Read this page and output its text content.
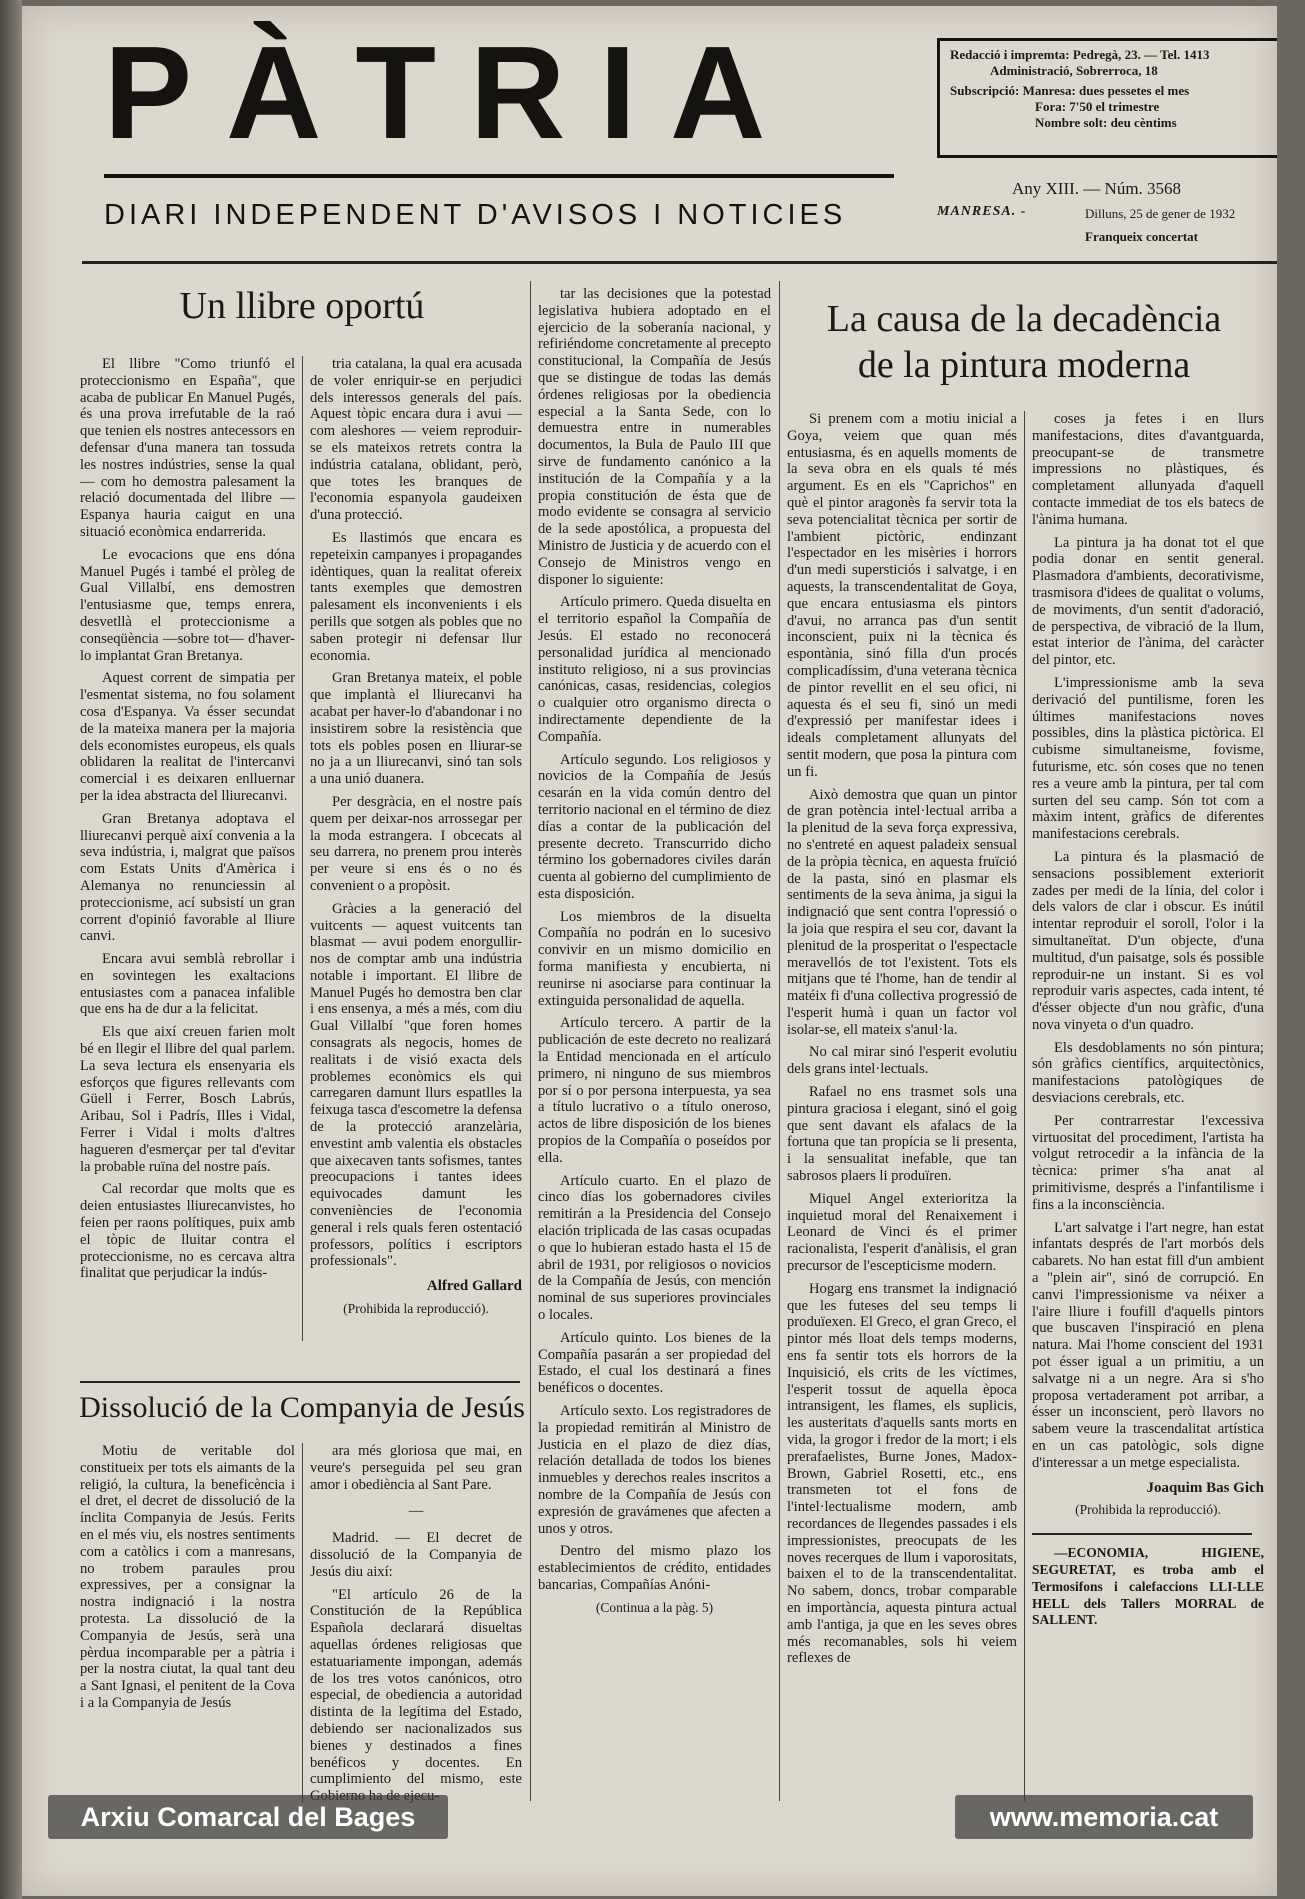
PÀTRIA
DIARI INDEPENDENT D'AVISOS I NOTICIES
Redacció i impremta: Pedregà, 23. — Tel. 1413
Administració, Sobrerroca, 18
Subscripció: Manresa: dues pessetes el mes
Fora: 7'50 el trimestre
Nombre solt: deu cèntims
Any XIII. — Núm. 3568
MANRESA. -	Dilluns, 25 de gener de 1932
Franqueix concertat
Un llibre oportú

El llibre "Como triunfó el proteccionismo en España", que acaba de publicar En Manuel Pugés, és una prova irrefutable de la raó que tenien els nostres antecessors en defensar d'una manera tan tossuda les nostres indústries, sense la qual — com ho demostra palesament la relació documentada del llibre — Espanya hauria caigut en una situació econòmica endarrerida.

Le evocacions que ens dóna Manuel Pugés i també el pròleg de Gual Villalbí, ens demostren l'entusiasme que, temps enrera, desvetllà el proteccionisme a conseqüència —sobre tot— d'haver-lo implantat Gran Bretanya.

Aquest corrent de simpatia per l'esmentat sistema, no fou solament cosa d'Espanya. Va ésser secundat de la mateixa manera per la majoria dels economistes europeus, els quals oblidaren la realitat de l'intercanvi comercial i es deixaren enlluernar per la idea abstracta del lliurecanvi.

Gran Bretanya adoptava el lliurecanvi perquè així convenia a la seva indústria, i, malgrat que països com Estats Units d'Amèrica i Alemanya no renunciessin al proteccionisme, ací subsistí un gran corrent d'opinió favorable al lliure canvi.

Encara avui semblà rebrollar i en sovintegen les exaltacions entusiastes com a panacea infalible que ens ha de dur a la felicitat.

Els que així creuen farien molt bé en llegir el llibre del qual parlem. La seva lectura els ensenyaria els esforços que figures rellevants com Güell i Ferrer, Bosch Labrús, Aribau, Sol i Padrís, Illes i Vidal, Ferrer i Vidal i molts d'altres hagueren d'esmerçar per tal d'evitar la probable ruïna del nostre país.

Cal recordar que molts que es deien entusiastes lliurecanvistes, ho feien per raons polítiques, puix amb el tòpic de lluitar contra el proteccionisme, no es cercava altra finalitat que perjudicar la indús-

tria catalana, la qual era acusada de voler enriquir-se en perjudici dels interessos generals del país. Aquest tòpic encara dura i avui — com aleshores — veiem reproduir-se els mateixos retrets contra la indústria catalana, oblidant, però, que totes les branques de l'economia espanyola gaudeixen d'una protecció.

Es llastimós que encara es repeteixin campanyes i propagandes idèntiques, quan la realitat ofereix tants exemples que demostren palesament els inconvenients i els perills que sotgen als pobles que no saben protegir ni defensar llur economia.

Gran Bretanya mateix, el poble que implantà el lliurecanvi ha acabat per haver-lo d'abandonar i no insistirem sobre la resistència que tots els pobles posen en lliurar-se no ja a un lliurecanvi, sinó tan sols a una unió duanera.

Per desgràcia, en el nostre país quem per deixar-nos arrossegar per la moda estrangera. I obcecats al seu darrera, no prenem prou interès per veure si ens és o no és convenient o a propòsit.

Gràcies a la generació del vuitcents — aquest vuitcents tan blasmat — avui podem enorgullir-nos de comptar amb una indústria notable i important. El llibre de Manuel Pugés ho demostra ben clar i ens ensenya, a més a més, com diu Gual Villalbí "que foren homes consagrats als negocis, homes de realitats i de visió exacta dels problemes econòmics els qui carregaren damunt llurs espatlles la feixuga tasca d'escometre la defensa de la protecció aranzelària, envestint amb valentia els obstacles que aixecaven tants sofismes, tantes preocupacions i tantes idees equivocades damunt les conveniències de l'economia general i rels quals feren ostentació professors, polítics i escriptors professionals".

Alfred Gallard
(Prohibida la reproducció).
Dissolució de la Companyia de Jesús

Motiu de veritable dol constitueix per tots els aimants de la religió, la cultura, la beneficència i el dret, el decret de dissolució de la ínclita Companyia de Jesús. Ferits en el més viu, els nostres sentiments com a catòlics i com a manresans, no trobem paraules prou expressives, per a consignar la nostra indignació i la nostra protesta. La dissolució de la Companyia de Jesús, serà una pèrdua incomparable per a pàtria i per la nostra ciutat, la qual tant deu a Sant Ignasi, el penitent de la Cova i a la Companyia de Jesús

ara més gloriosa que mai, en veure's perseguida pel seu gran amor i obediència al Sant Pare.

—

Madrid. — El decret de dissolució de la Companyia de Jesús diu així:

"El artículo 26 de la Constitución de la República Española declarará disueltas aquellas órdenes religiosas que estatuariamente impongan, además de los tres votos canónicos, otro especial, de obediencia a autoridad distinta de la legítima del Estado, debiendo ser nacionalizados sus bienes y destinados a fines benéficos y docentes. En cumplimiento del mismo, este

tar las decisiones que la potestad legislativa hubiera adoptado en el ejercicio de la soberanía nacional, y refiriéndome concretamente al precepto constitucional, la Compañía de Jesús que se distingue de todas las demás órdenes religiosas por la obediencia especial a la Santa Sede, con lo demuestra entre in numerables documentos, la Bula de Paulo III que sirve de fundamento canónico a la institución de la Compañía y a la propia constitución de ésta que de modo evidente se consagra al servicio de la sede apostólica, a propuesta del Ministro de Justicia y de acuerdo con el Consejo de Ministros vengo en disponer lo siguiente:

Artículo primero. Queda disuelta en el territorio español la Compañía de Jesús. El estado no reconocerá personalidad jurídica al mencionado instituto religioso, ni a sus provincias canónicas, casas, residencias, colegios o cualquier otro organismo directa o indirectamente dependiente de la Compañía.

Artículo segundo. Los religiosos y novicios de la Compañía de Jesús cesarán en la vida común dentro del territorio nacional en el término de diez días a contar de la publicación del presente decreto. Transcurrido dicho término los gobernadores civiles darán cuenta al gobierno del cumplimiento de esta disposición.

Los miembros de la disuelta Compañía no podrán en lo sucesivo convivir en un mismo domicilio en forma manifiesta y encubierta, ni reunirse ni asociarse para continuar la extinguida personalidad de aquella.

Artículo tercero. A partir de la publicación de este decreto no realizará la Entidad mencionada en el artículo primero, ni ninguno de sus miembros por sí o por persona interpuesta, ya sea a título lucrativo o a título oneroso, actos de libre disposición de los bienes propios de la Compañía o poseídos por ella.

Artículo cuarto. En el plazo de cinco días los gobernadores civiles remitirán a la Presidencia del Consejo elación triplicada de las casas ocupadas o que lo hubieran estado hasta el 15 de abril de 1931, por religiosos o novicios de la Compañía de Jesús, con mención nominal de sus superiores provinciales o locales.

Artículo quinto. Los bienes de la Compañía pasarán a ser propiedad del Estado, el cual los destinará a fines benéficos o docentes.

Artículo sexto. Los registradores de la propiedad remitirán al Ministro de Justicia en el plazo de diez días, relación detallada de todos los bienes inmuebles y derechos reales inscritos a nombre de la Compañía de Jesús con expresión de gravámenes que afecten a unos y otros.

Dentro del mismo plazo los establecimientos de crédito, entidades bancarias, Compañías Anóni-

(Continua a la pàg. 5)
La causa de la decadència
de la pintura moderna

Si prenem com a motiu inicial a Goya, veiem que quan més entusiasma, és en aquells moments de la seva obra en els quals té més argument. Es en els "Caprichos" en què el pintor aragonès fa servir tota la seva potencialitat tècnica per sortir de l'ambient pictòric, endinzant l'espectador en les misèries i horrors d'un medi supersticiós i salvatge, i en aquests, la transcendentalitat de Goya, que encara entusiasma els pintors d'avui, no arranca pas d'un sentit inconscient, puix ni la tècnica és espontània, sinó filla d'un procés complicadíssim, d'una veterana tècnica de pintor revellit en el seu ofici, ni aquesta és el seu fi, sinó un medi d'expressió per manifestar idees i ideals completament allunyats del sentit modern, que posa la pintura com un fi.

Això demostra que quan un pintor de gran potència intel·lectual arriba a la plenitud de la seva força expressiva, no s'entreté en aquest paladeix sensual de la pròpia tècnica, en aquesta fruïció de la pasta, sinó en plasmar els sentiments de la seva ànima, ja sigui la indignació que sent contra l'opressió o la joia que respira el seu cor, davant la plenitud de la prosperitat o l'espectacle meravellós de tot l'existent. Tots els mitjans que té l'home, han de tendir al matéix fi d'una collectiva progressió de l'esperit humà i quan un factor vol isolar-se, ell mateix s'anul·la.

No cal mirar sinó l'esperit evolutiu dels grans intel·lectuals.

Rafael no ens trasmet sols una pintura graciosa i elegant, sinó el goig que sent davant els afalacs de la fortuna que tan propícia se li presenta, i la sensualitat inefable, que tan sabrosos plaers li produïren.

Miquel Angel exterioritza la inquietud moral del Renaixement i Leonard de Vinci és el primer racionalista, l'esperit d'anàlisis, el gran precursor de l'escepticisme modern.

Hogarg ens transmet la indignació que les futeses del seu temps li produïexen. El Greco, el gran Greco, el pintor més lloat dels temps moderns, ens fa sentir tots els horrors de la Inquisició, els crits de les víctimes, l'esperit tossut de aquella època intransigent, les flames, els suplicis, les austeritats d'aquells sants morts en vida, la grogor i fredor de la mort; i els prerafaelistes, Burne Jones, Madox-Brown, Gabriel Rosetti, etc., ens transmeten tot el fons de l'intel·lectualisme modern, amb recordances de llegendes passades i els impressionistes, preocupats de les noves recerques de llum i vaporositats, baixen el to de la transcendentalitat. No sabem, doncs, trobar comparable en importància, aquesta pintura actual amb l'antiga, ja que en les seves obres més recomanables, sols hi veiem reflexes de

coses ja fetes i en llurs manifestacions, dites d'avantguarda, preocupant-se de transmetre impressions no plàstiques, és completament allunyada d'aquell contacte immediat de tos els batecs de l'ànima humana.

La pintura ja ha donat tot el que podia donar en sentit general. Plasmadora d'ambients, decorativisme, trasmisora d'idees de qualitat o volums, de moviments, d'un sentit d'adoració, de perspectiva, de vibració de la llum, estat interior de l'ànima, del caràcter del pintor, etc.

L'impressionisme amb la seva derivació del puntilisme, foren les últimes manifestacions noves possibles, dins la plàstica pictòrica. El cubisme simultaneisme, fovisme, futurisme, etc. són coses que no tenen res a veure amb la pintura, per tal com surten del seu camp. Són tot com a màxim intent, gràfics de diferentes manifestacions cerebrals.

La pintura és la plasmació de sensacions possiblement exteriorit zades per medi de la línia, del color i dels valors de clar i obscur. Es inútil intentar reproduir el soroll, l'olor i la simultaneïtat. D'un objecte, d'una multitud, d'un paisatge, sols és possible reproduir-ne un instant. Si es vol reproduir varis aspectes, cada intent, té d'ésser objecte d'un nou gràfic, d'una nova vinyeta o d'un quadro.

Els desdoblaments no són pintura; són gràfics científics, arquitectònics, manifestacions patològiques de desviacions cerebrals, etc.

Per contrarrestar l'excessiva virtuositat del procediment, l'artista ha volgut retrocedir a la infància de la tècnica: primer s'ha anat al primitivisme, després a l'infantilisme i fins a la inconsciència.

L'art salvatge i l'art negre, han estat infantats després de l'art morbós dels cabarets. No han estat fill d'un ambient a "plein air", sinó de corrupció. En canvi l'impressionisme va néixer a l'aire lliure i foufill d'aquells pintors que buscaven l'inspiració en plena natura. Mai l'home conscient del 1931 pot ésser igual a un primitiu, a un salvatge ni a un negre. Ara si s'ho proposa vertaderament pot arribar, a ésser un inconscient, però llavors no sabem veure la trascendalitat artística en un cas patològic, sols digne d'interessar a un metge especialista.

Joaquim Bas Gich
(Prohibida la reproducció).

—ECONOMIA, HIGIENE, SEGURETAT, es troba amb el Termosifons i calefaccions LLI-LLE HELL dels Tallers MORRAL de SALLENT.

Arxiu Comarcal del Bages	www.memoria.cat
